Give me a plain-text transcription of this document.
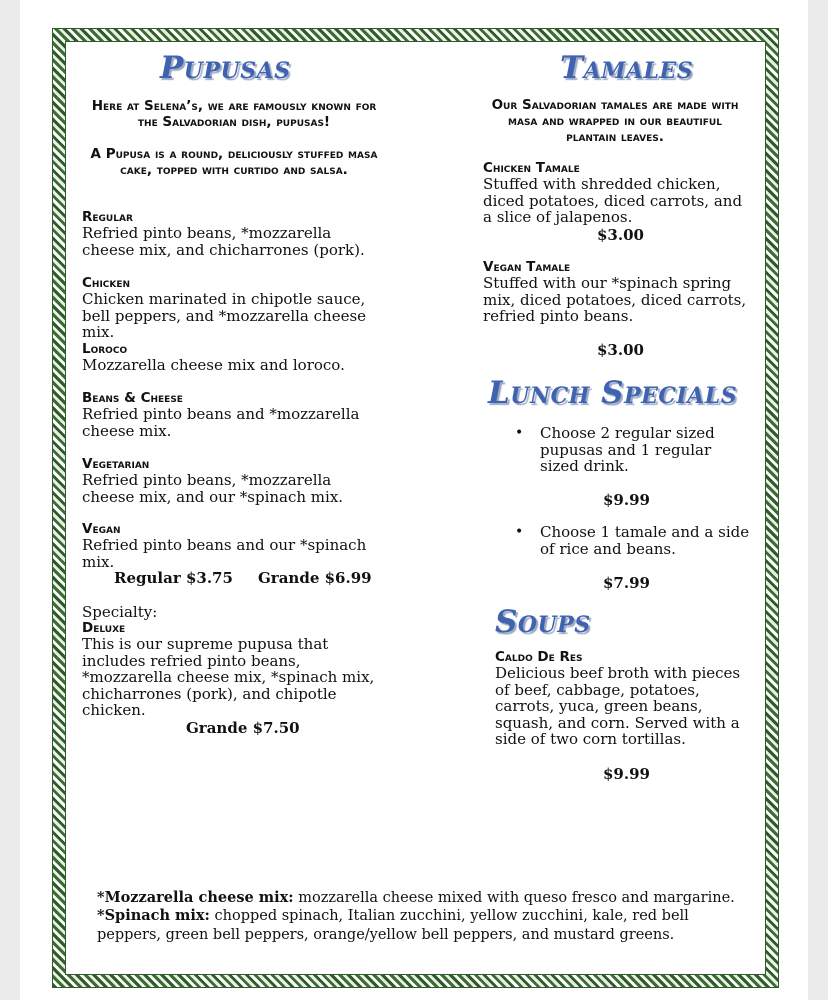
Pupusas

Here at Selena’s, we are famously known for the Salvadorian dish, pupusas!

A Pupusa is a round, deliciously stuffed masa cake, topped with curtido and salsa.

Regular
Refried pinto beans, *mozzarella cheese mix, and chicharrones (pork).
Chicken
Chicken marinated in chipotle sauce, bell peppers, and *mozzarella cheese mix.
Loroco
Mozzarella cheese mix and loroco.
Beans & Cheese
Refried pinto beans and *mozzarella cheese mix.
Vegetarian
Refried pinto beans, *mozzarella cheese mix, and our *spinach mix.
Vegan
Refried pinto beans and our *spinach mix.
Regular $3.75 Grande $6.99
Specialty:
Deluxe
This is our supreme pupusa that includes refried pinto beans, *mozzarella cheese mix, *spinach mix, chicharrones (pork), and chipotle chicken.
Grande $7.50
Tamales

Our Salvadorian tamales are made with masa and wrapped in our beautiful plantain leaves.

Chicken Tamale
Stuffed with shredded chicken, diced potatoes, diced carrots, and a slice of jalapenos.
$3.00
Vegan Tamale
Stuffed with our *spinach spring mix, diced potatoes, diced carrots, refried pinto beans.
$3.00
Lunch Specials
• Choose 2 regular sized pupusas and 1 regular sized drink.
$9.99
• Choose 1 tamale and a side of rice and beans.
$7.99
Soups
Caldo De Res
Delicious beef broth with pieces of beef, cabbage, potatoes, carrots, yuca, green beans, squash, and corn. Served with a side of two corn tortillas.
$9.99
*Mozzarella cheese mix: mozzarella cheese mixed with queso fresco and margarine.
*Spinach mix: chopped spinach, Italian zucchini, yellow zucchini, kale, red bell peppers, green bell peppers, orange/yellow bell peppers, and mustard greens.
